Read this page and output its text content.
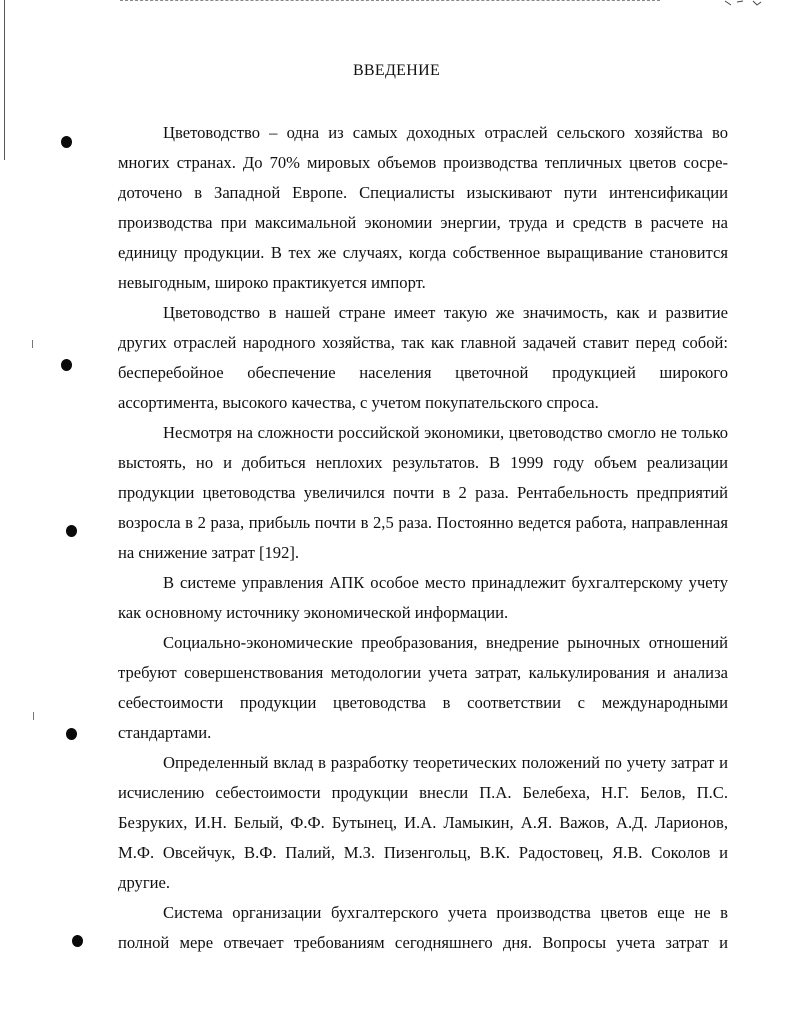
ВВЕДЕНИЕ

Цветоводство – одна из самых доходных отраслей сельского хозяйства во многих странах. До 70% мировых объемов производства тепличных цветов сосредоточено в Западной Европе. Специалисты изыскивают пути интенсификации производства при максимальной экономии энергии, труда и средств в расчете на единицу продукции. В тех же случаях, когда собственное выращивание становится невыгодным, широко практикуется импорт.

Цветоводство в нашей стране имеет такую же значимость, как и развитие других отраслей народного хозяйства, так как главной задачей ставит перед собой: бесперебойное обеспечение населения цветочной продукцией широкого ассортимента, высокого качества, с учетом покупательского спроса.

Несмотря на сложности российской экономики, цветоводство смогло не только выстоять, но и добиться неплохих результатов. В 1999 году объем реализации продукции цветоводства увеличился почти в 2 раза. Рентабельность предприятий возросла в 2 раза, прибыль почти в 2,5 раза. Постоянно ведется работа, направленная на снижение затрат [192].

В системе управления АПК особое место принадлежит бухгалтерскому учету как основному источнику экономической информации.

Социально-экономические преобразования, внедрение рыночных отношений требуют совершенствования методологии учета затрат, калькулирования и анализа себестоимости продукции цветоводства в соответствии с международными стандартами.

Определенный вклад в разработку теоретических положений по учету затрат и исчислению себестоимости продукции внесли П.А. Белебеха, Н.Г. Белов, П.С. Безруких, И.Н. Белый, Ф.Ф. Бутынец, И.А. Ламыкин, А.Я. Важов, А.Д. Ларионов, М.Ф. Овсейчук, В.Ф. Палий, М.З. Пизенгольц, В.К. Радостовец, Я.В. Соколов и другие.

Система организации бухгалтерского учета производства цветов еще не в полной мере отвечает требованиям сегодняшнего дня. Вопросы учета затрат и
